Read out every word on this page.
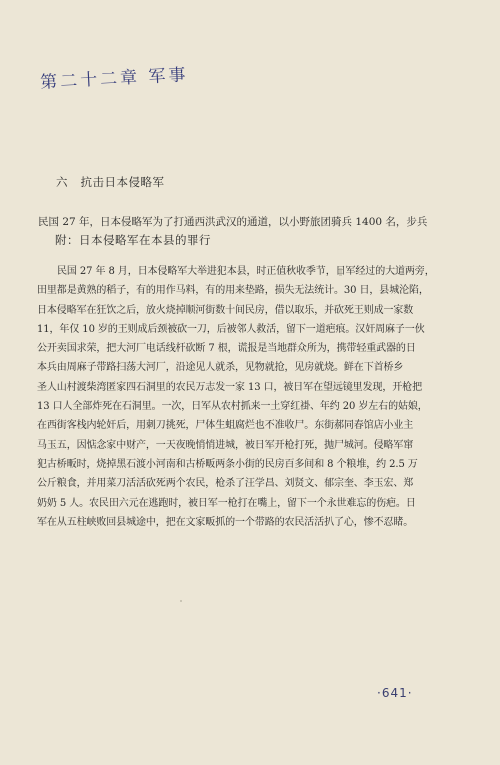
第二十二章 军事
六   抗击日本侵略军
民国 27 年，日本侵略军为了打通西洪武汉的通道，以小野旅团骑兵 1400 名，步兵
附：日本侵略军在本县的罪行
民国 27 年 8 月，日本侵略军大举进犯本县，时正值秋收季节，日军经过的大道两旁，
田里都是黄熟的稻子，有的用作马料，有的用来垫路，损失无法统计。30 日，县城沦陷，
日本侵略军在狂饮之后，放火烧掉顺河街数十间民房，借以取乐，并砍死王则成一家数
11，年仅 10 岁的王则成后颈被砍一刀，后被邻人救活，留下一道疤痕。汉奸周麻子一伙
公开卖国求荣，把大河厂电话线杆砍断 7 根，谎报是当地群众所为，携带轻重武器的日
本兵由周麻子带路扫荡大河厂，沿途见人就杀，见物就抢，见房就烧。鲜在下首桥乡
圣人山村渡柴湾匿家四石洞里的农民万志发一家 13 口，被日军在望远镜里发现，开枪把
13 口人全部炸死在石洞里。一次，日军从农村抓来一土穿红褂、年约 20 岁左右的姑娘，
在西街客栈内轮奸后，用刺刀挑死，尸体生蛆腐烂也不准收尸。东街郝同春馆店小业主
马玉五，因惦念家中财产，一天夜晚悄悄进城，被日军开枪打死，抛尸城河。侵略军窜
犯古桥畈时，烧掉黑石渡小河南和古桥畈两条小街的民房百多间和 8 个粮堆，约 2.5 万
公斤粮食，并用菜刀活活砍死两个农民，枪杀了汪学昌、刘贤文、郁宗奎、李玉宏、郑
奶奶 5 人。农民田六元在逃跑时，被日军一枪打在嘴上，留下一个永世难忘的伤疤。日
军在从五柱峡败回县城途中，把在文家畈抓的一个带路的农民活活扒了心，惨不忍睹。
·641·
